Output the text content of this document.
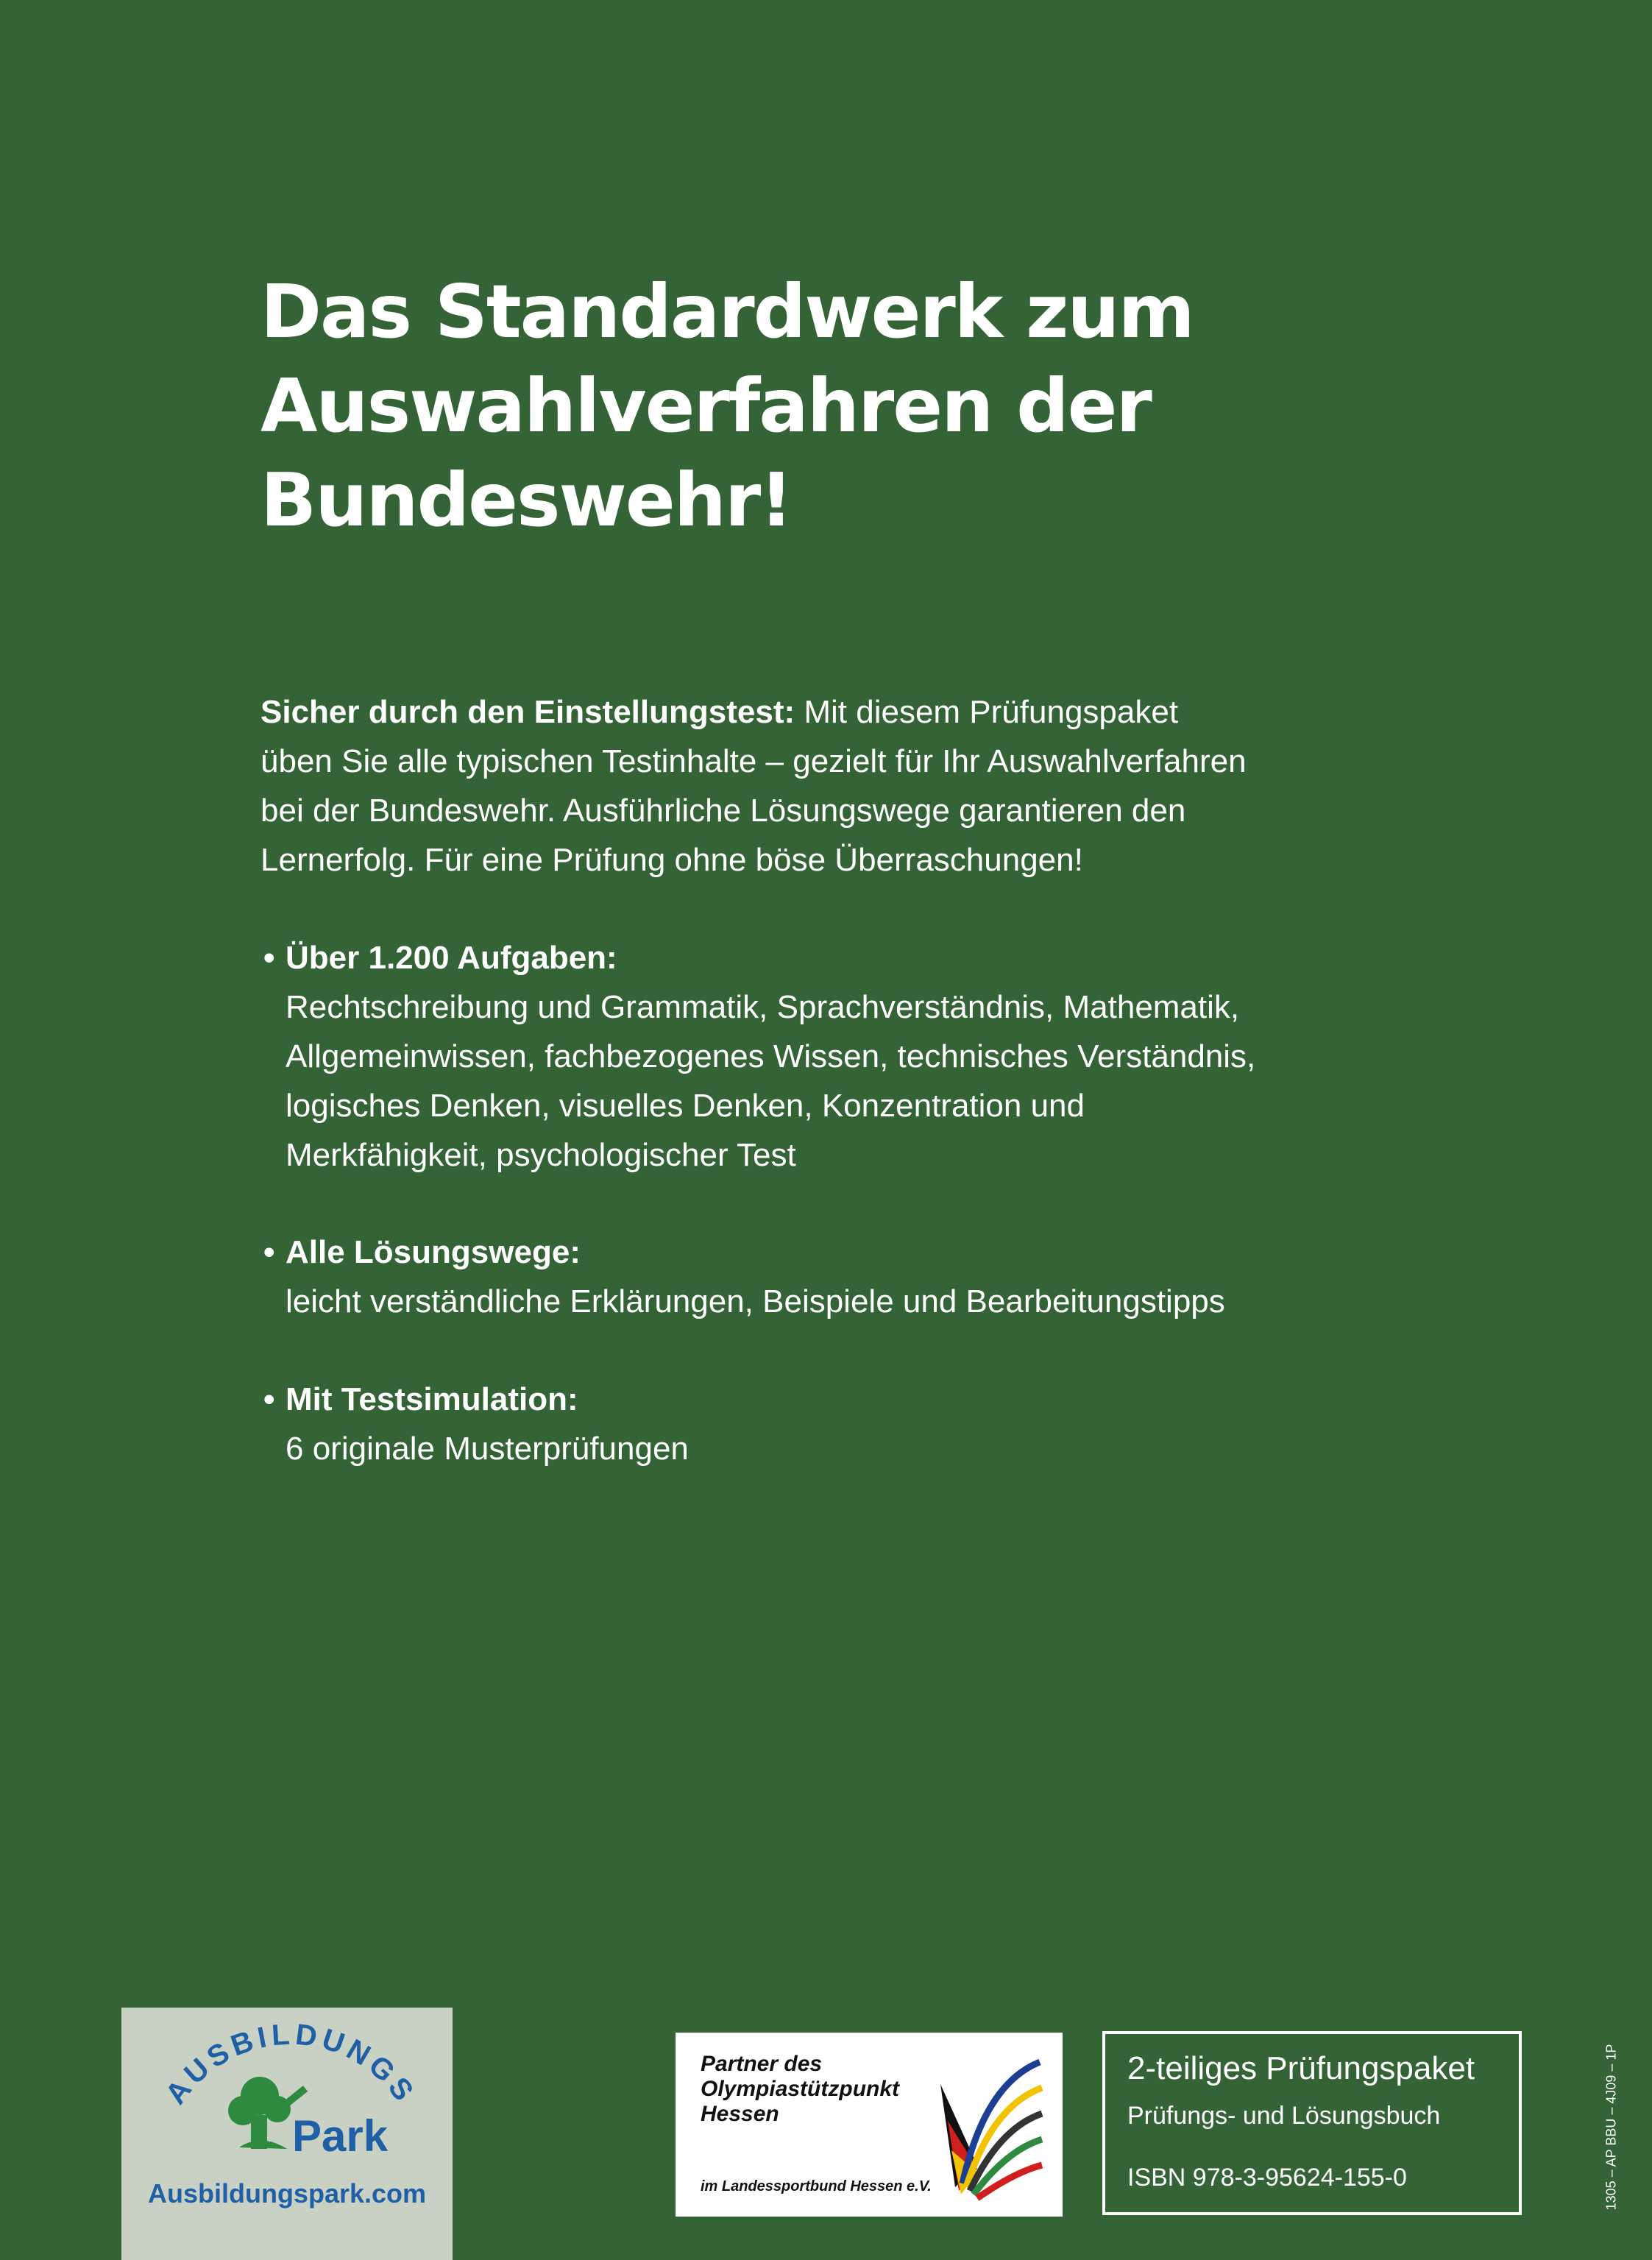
Das Standardwerk zum
Auswahlverfahren der
Bundeswehr!
Sicher durch den Einstellungstest: Mit diesem Prüfungspaket
üben Sie alle typischen Testinhalte – gezielt für Ihr Auswahlverfahren
bei der Bundeswehr. Ausführliche Lösungswege garantieren den
Lernerfolg. Für eine Prüfung ohne böse Überraschungen!
• Über 1.200 Aufgaben:
Rechtschreibung und Grammatik, Sprachverständnis, Mathematik,
Allgemeinwissen, fachbezogenes Wissen, technisches Verständnis,
logisches Denken, visuelles Denken, Konzentration und
Merkfähigkeit, psychologischer Test
• Alle Lösungswege:
leicht verständliche Erklärungen, Beispiele und Bearbeitungstipps
• Mit Testsimulation:
6 originale Musterprüfungen
AUSBILDUNGS
Park
Ausbildungspark.com
Partner des
Olympiastützpunkt
Hessen
im Landessportbund Hessen e.V.
2-teiliges Prüfungspaket
Prüfungs- und Lösungsbuch
ISBN 978-3-95624-155-0	1305 – AP BBU – 4J09 – 1P
